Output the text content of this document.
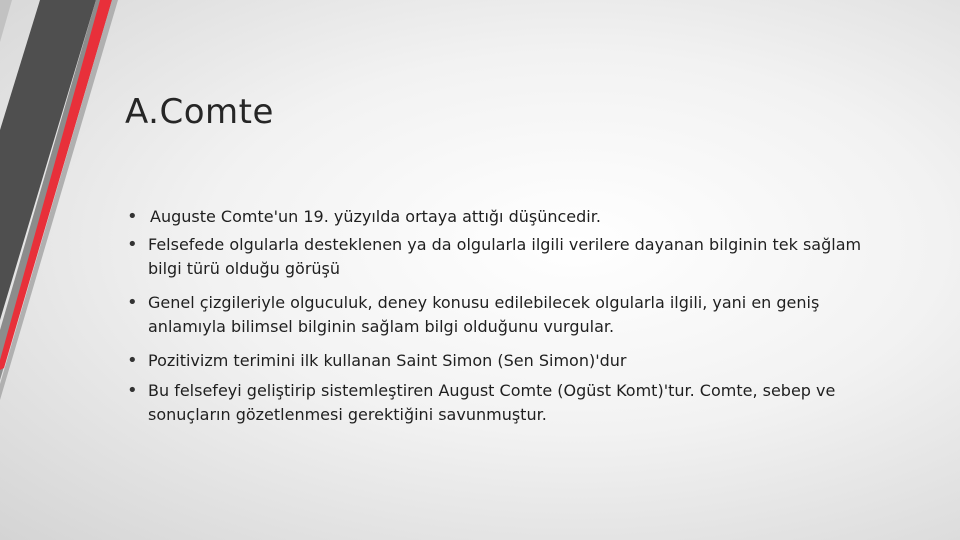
A.Comte
• Auguste Comte'un 19. yüzyılda ortaya attığı düşüncedir.
• Felsefede olgularla desteklenen ya da olgularla ilgili verilere dayanan bilginin tek sağlam bilgi türü olduğu görüşü
• Genel çizgileriyle olguculuk, deney konusu edilebilecek olgularla ilgili, yani en geniş anlamıyla bilimsel bilginin sağlam bilgi olduğunu vurgular.
• Pozitivizm terimini ilk kullanan Saint Simon (Sen Simon)'dur
• Bu felsefeyi geliştirip sistemleştiren August Comte (Ogüst Komt)'tur. Comte, sebep ve sonuçların gözetlenmesi gerektiğini savunmuştur.
